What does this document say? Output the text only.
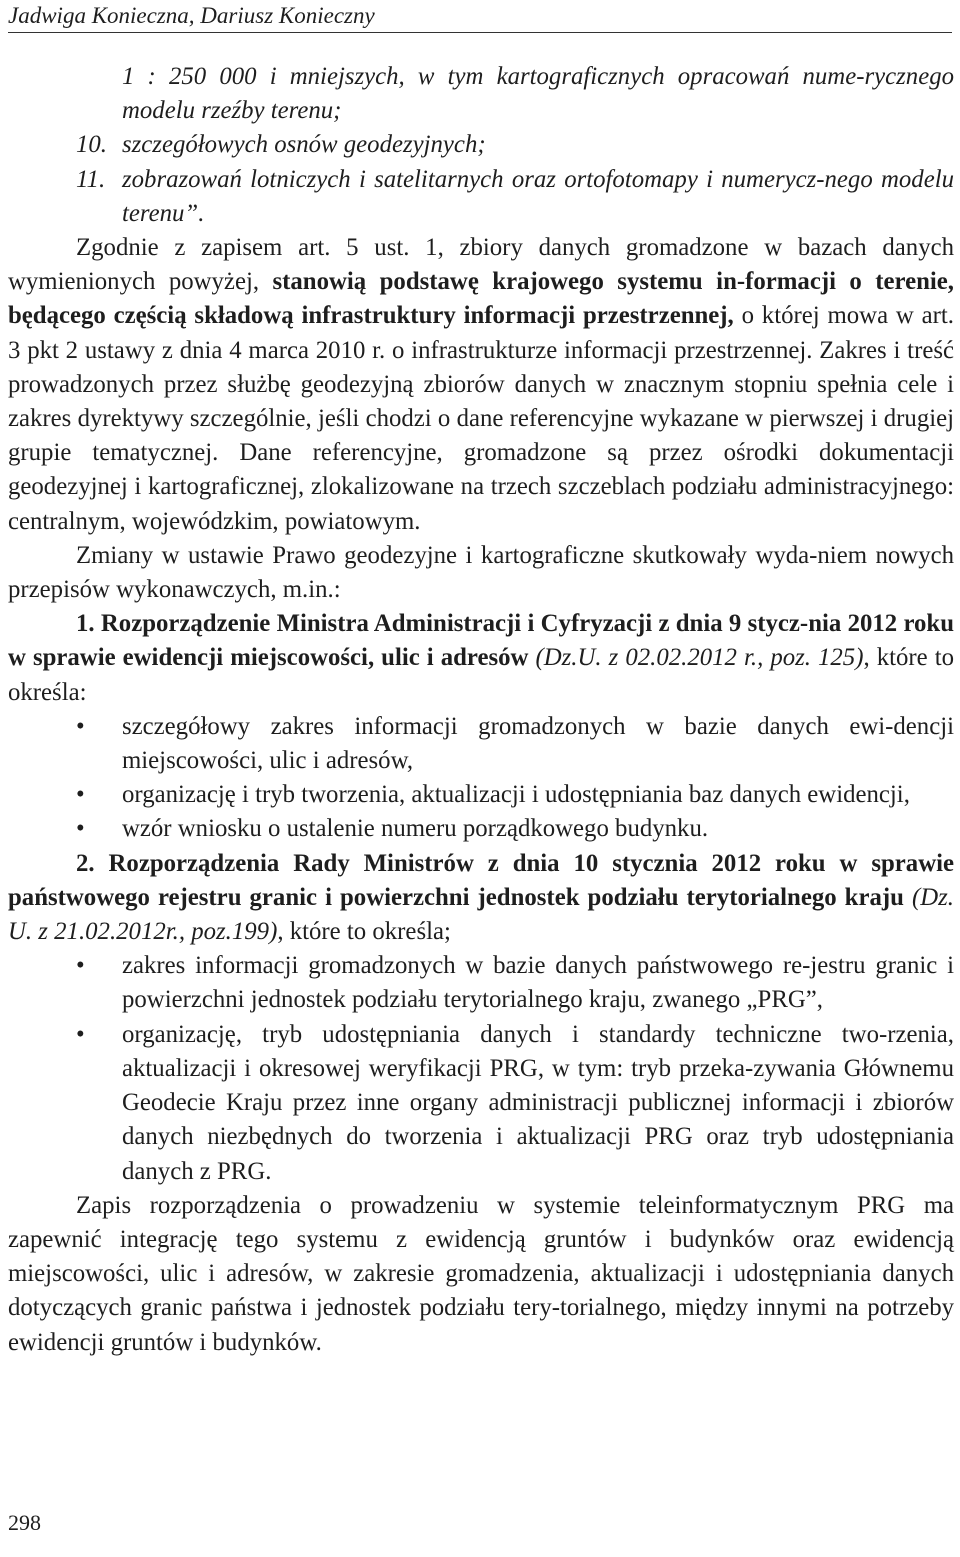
Jadwiga Konieczna, Dariusz Konieczny

1 : 250 000 i mniejszych, w tym kartograficznych opracowań nume-rycznego modelu rzeźby terenu;

10. szczegółowych osnów geodezyjnych;
11. zobrazowań lotniczych i satelitarnych oraz ortofotomapy i numerycz-nego modelu terenu”.

Zgodnie z zapisem art. 5 ust. 1, zbiory danych gromadzone w bazach danych wymienionych powyżej, stanowią podstawę krajowego systemu in-formacji o terenie, będącego częścią składową infrastruktury informacji przestrzennej, o której mowa w art. 3 pkt 2 ustawy z dnia 4 marca 2010 r. o infrastrukturze informacji przestrzennej. Zakres i treść prowadzonych przez służbę geodezyjną zbiorów danych w znacznym stopniu spełnia cele i zakres dyrektywy szczególnie, jeśli chodzi o dane referencyjne wykazane w pierwszej i drugiej grupie tematycznej. Dane referencyjne, gromadzone są przez ośrodki dokumentacji geodezyjnej i kartograficznej, zlokalizowane na trzech szczeblach podziału administracyjnego: centralnym, wojewódzkim, powiatowym.

Zmiany w ustawie Prawo geodezyjne i kartograficzne skutkowały wyda-niem nowych przepisów wykonawczych, m.in.:

1. Rozporządzenie Ministra Administracji i Cyfryzacji z dnia 9 stycz-nia 2012 roku w sprawie ewidencji miejscowości, ulic i adresów (Dz.U. z 02.02.2012 r., poz. 125), które to określa:

• szczegółowy zakres informacji gromadzonych w bazie danych ewi-dencji miejscowości, ulic i adresów,
• organizację i tryb tworzenia, aktualizacji i udostępniania baz danych ewidencji,
• wzór wniosku o ustalenie numeru porządkowego budynku.

2. Rozporządzenia Rady Ministrów z dnia 10 stycznia 2012 roku w sprawie państwowego rejestru granic i powierzchni jednostek podziału terytorialnego kraju (Dz. U. z 21.02.2012r., poz.199), które to określa;

• zakres informacji gromadzonych w bazie danych państwowego re-jestru granic i powierzchni jednostek podziału terytorialnego kraju, zwanego „PRG”,
• organizację, tryb udostępniania danych i standardy techniczne two-rzenia, aktualizacji i okresowej weryfikacji PRG, w tym: tryb przeka-zywania Głównemu Geodecie Kraju przez inne organy administracji publicznej informacji i zbiorów danych niezbędnych do tworzenia i aktualizacji PRG oraz tryb udostępniania danych z PRG.

Zapis rozporządzenia o prowadzeniu w systemie teleinformatycznym PRG ma zapewnić integrację tego systemu z ewidencją gruntów i budynków oraz ewidencją miejscowości, ulic i adresów, w zakresie gromadzenia, aktualizacji i udostępniania danych dotyczących granic państwa i jednostek podziału tery-torialnego, między innymi na potrzeby ewidencji gruntów i budynków.

298
